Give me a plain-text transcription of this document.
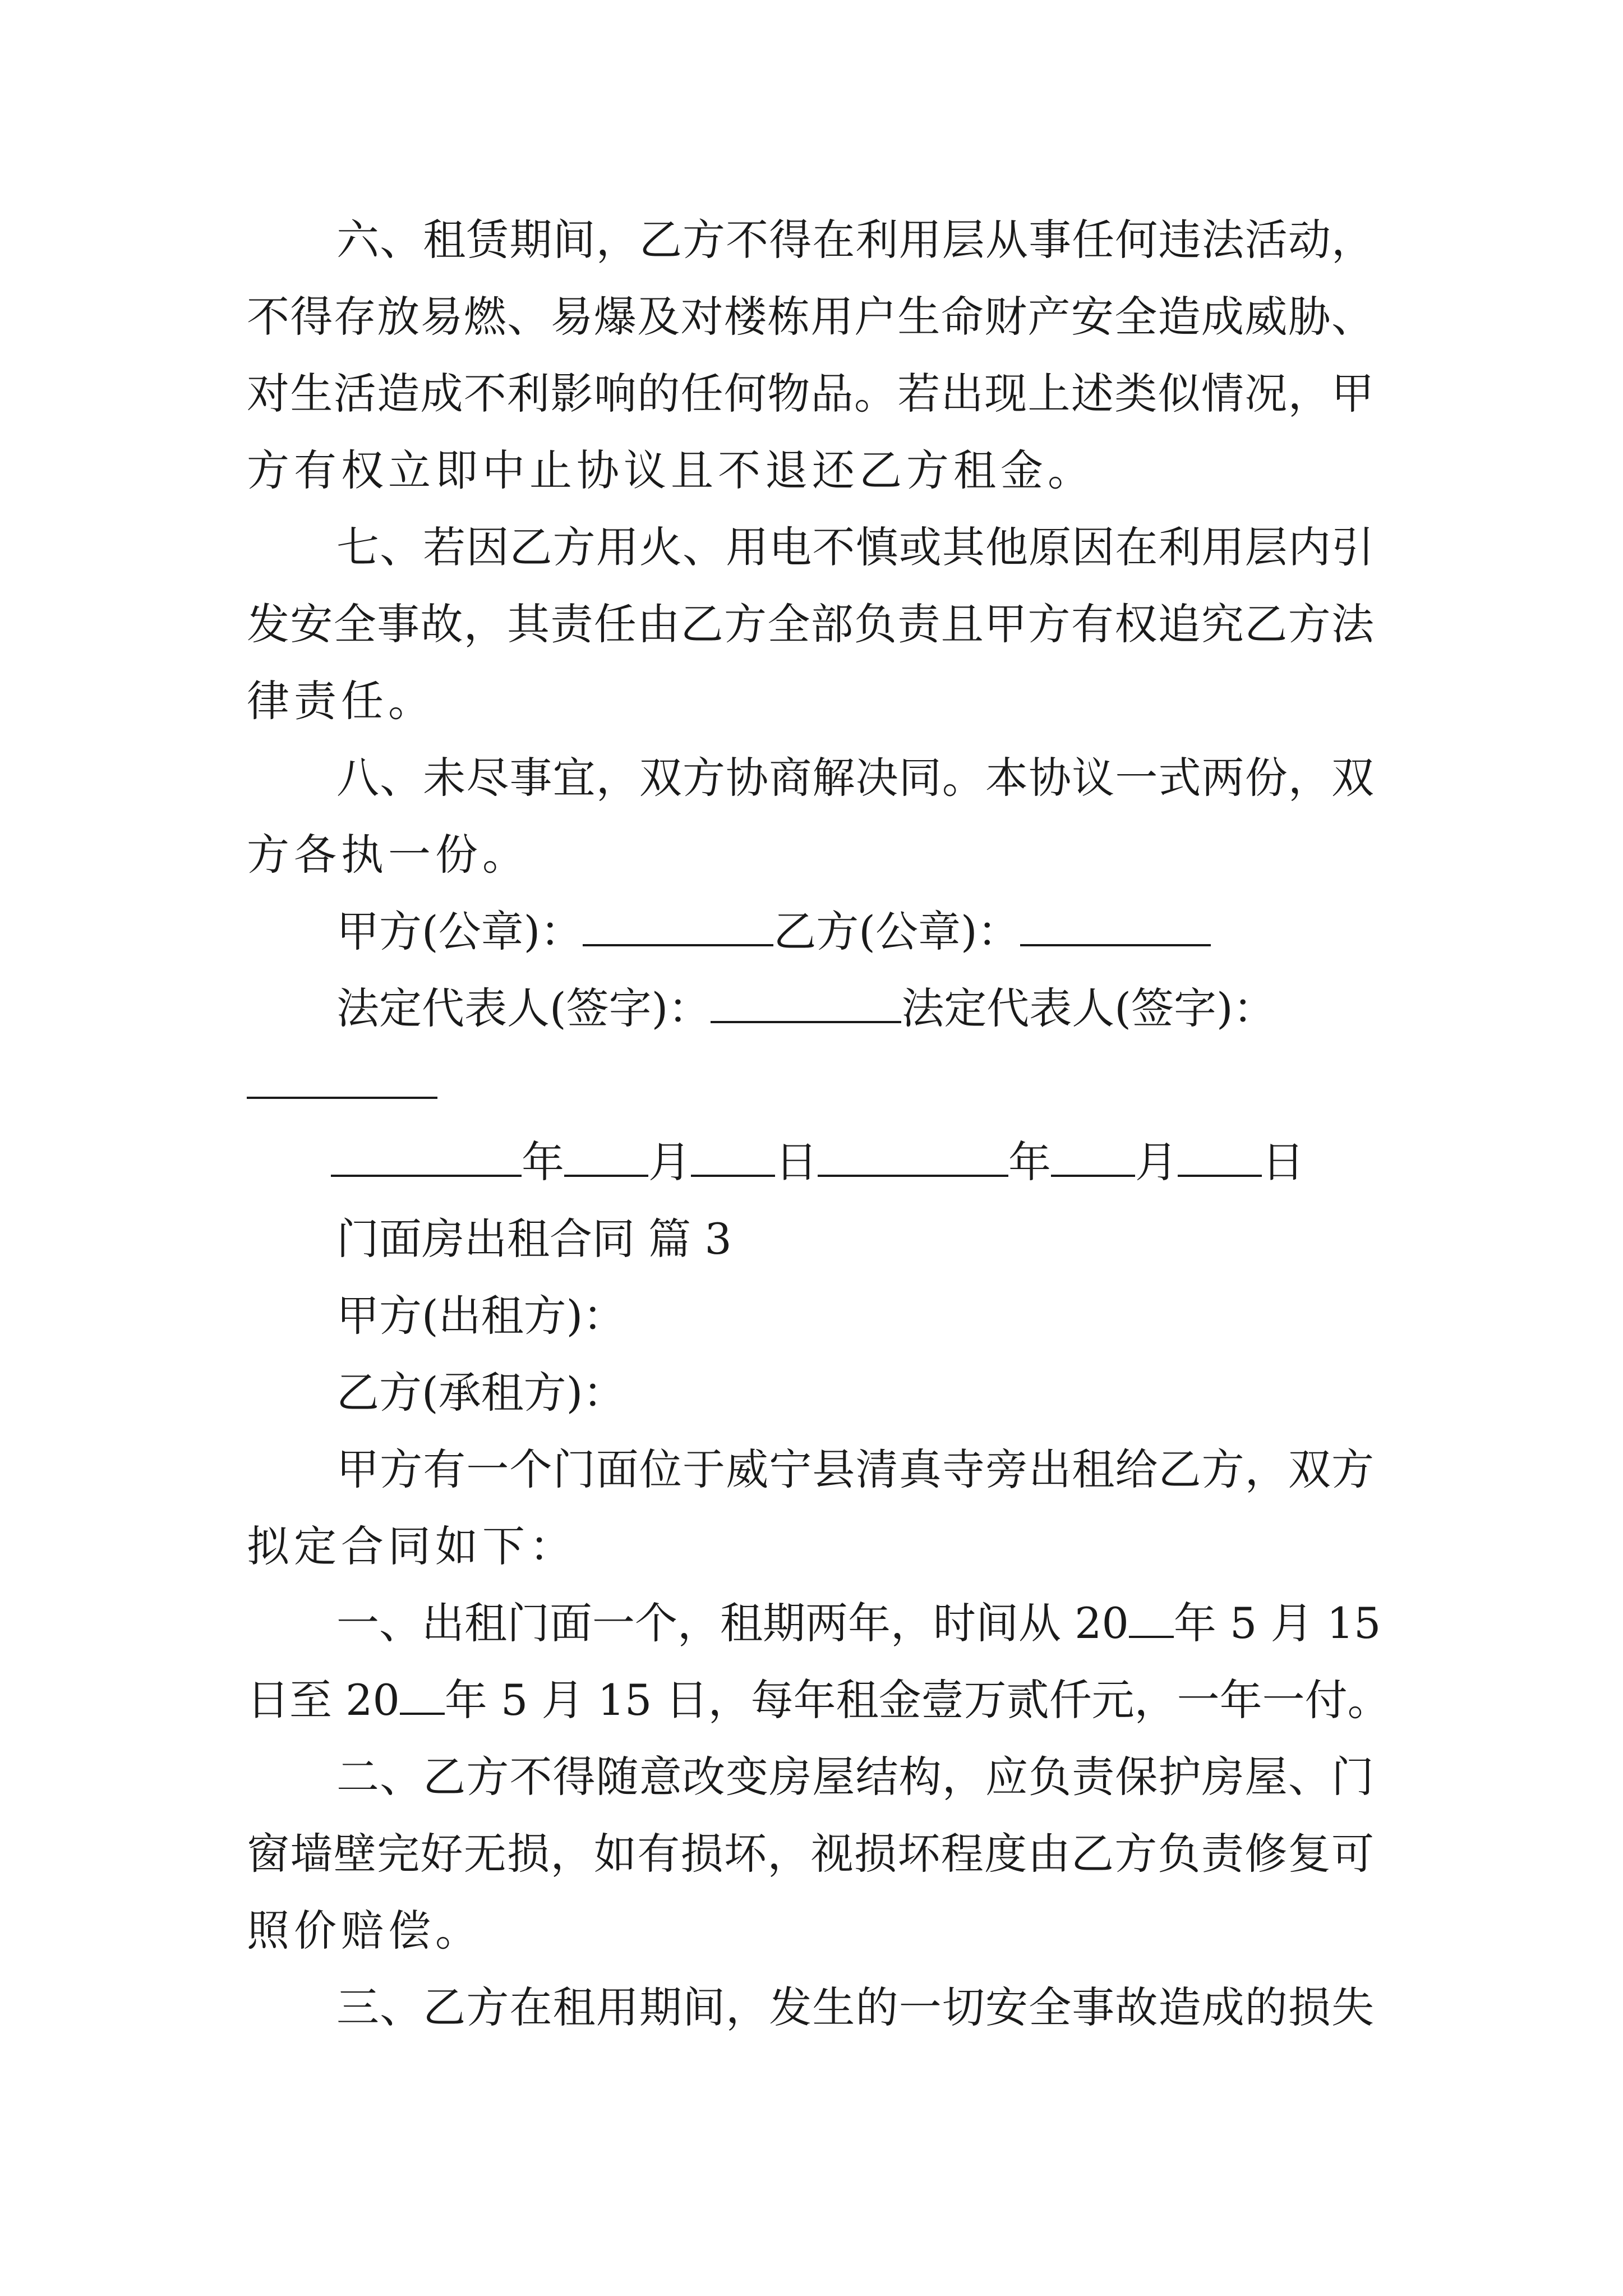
六、租赁期间，乙方不得在利用层从事任何违法活动，
不得存放易燃、易爆及对楼栋用户生命财产安全造成威胁、
对生活造成不利影响的任何物品。若出现上述类似情况，甲
方有权立即中止协议且不退还乙方租金。
七、若因乙方用火、用电不慎或其他原因在利用层内引
发安全事故，其责任由乙方全部负责且甲方有权追究乙方法
律责任。
八、未尽事宜，双方协商解决同。本协议一式两份，双
方各执一份。
甲方(公章)：	乙方(公章)：
法定代表人(签字)：	法定代表人(签字)：
年 月 日	年 月 日
门面房出租合同 篇 3
甲方(出租方)：
乙方(承租方)：
甲方有一个门面位于威宁县清真寺旁出租给乙方，双方
拟定合同如下：
一、出租门面一个，租期两年，时间从 20 年 5 月 15
日至 20 年 5 月 15 日，每年租金壹万贰仟元，一年一付。
二、乙方不得随意改变房屋结构，应负责保护房屋、门
窗墙壁完好无损，如有损坏，视损坏程度由乙方负责修复可
照价赔偿。
三、乙方在租用期间，发生的一切安全事故造成的损失
